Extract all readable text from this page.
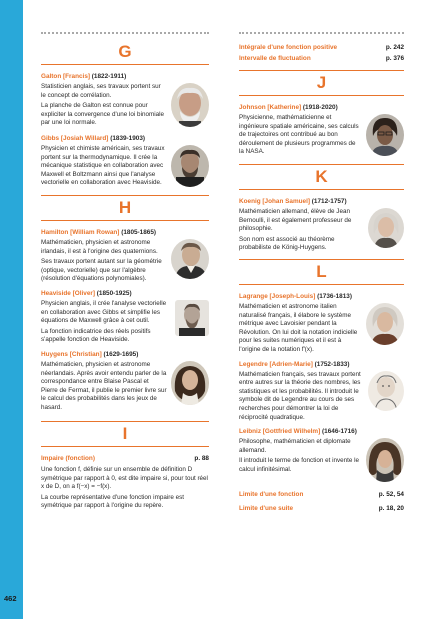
462
G
Galton [Francis] (1822-1911)

Statisticien anglais, ses travaux portent sur le concept de corrélation.

La planche de Galton est connue pour expliciter la convergence d'une loi binomiale par une loi normale.

Gibbs [Josiah Willard] (1839-1903)

Physicien et chimiste américain, ses travaux portent sur la thermodynamique. Il crée la mécanique statistique en collaboration avec Maxwell et Boltzmann ainsi que l'analyse vectorielle en collaboration avec Heaviside.

H
Hamilton [William Rowan] (1805-1865)

Mathématicien, physicien et astronome irlandais, il est à l'origine des quaternions.

Ses travaux portent autant sur la géométrie (optique, vectorielle) que sur l'algèbre (résolution d'équations polynomiales).

Heaviside [Oliver] (1850-1925)

Physicien anglais, il crée l'analyse vectorielle en collaboration avec Gibbs et simplifie les équations de Maxwell grâce à cet outil.

La fonction indicatrice des réels positifs s'appelle fonction de Heaviside.

Huygens [Christian] (1629-1695)

Mathématicien, physicien et astronome néerlandais. Après avoir entendu parler de la correspondance entre Blaise Pascal et Pierre de Fermat, il publie le premier livre sur le calcul des probabilités dans les jeux de hasard.

I
Impaire (fonction)	p. 88

Une fonction f, définie sur un ensemble de définition D symétrique par rapport à 0, est dite impaire si, pour tout réel x de D, on a f(−x) = −f(x).

La courbe représentative d'une fonction impaire est symétrique par rapport à l'origine du repère.

Intégrale d'une fonction positive	p. 242
Intervalle de fluctuation	p. 376
J
Johnson [Katherine] (1918-2020)

Physicienne, mathématicienne et ingénieure spatiale américaine, ses calculs de trajectoires ont contribué au bon déroulement de plusieurs programmes de la NASA.

K
Koenig [Johan Samuel] (1712-1757)

Mathématicien allemand, élève de Jean Bernoulli, il est également professeur de philosophie.

Son nom est associé au théorème probabiliste de König-Huygens.

L
Lagrange [Joseph-Louis] (1736-1813)

Mathématicien et astronome italien naturalisé français, il élabore le système métrique avec Lavoisier pendant la Révolution. On lui doit la notation indicielle pour les suites numériques et il est à l'origine de la notation f′(x).

Legendre [Adrien-Marie] (1752-1833)

Mathématicien français, ses travaux portent entre autres sur la théorie des nombres, les statistiques et les probabilités. Il introduit le symbole dit de Legendre au cours de ses recherches pour démontrer la loi de réciprocité quadratique.

Leibniz [Gottfried Wilhelm] (1646-1716)

Philosophe, mathématicien et diplomate allemand.

Il introduit le terme de fonction et invente le calcul infinitésimal.

Limite d'une fonction	p. 52, 54
Limite d'une suite	p. 18, 20
